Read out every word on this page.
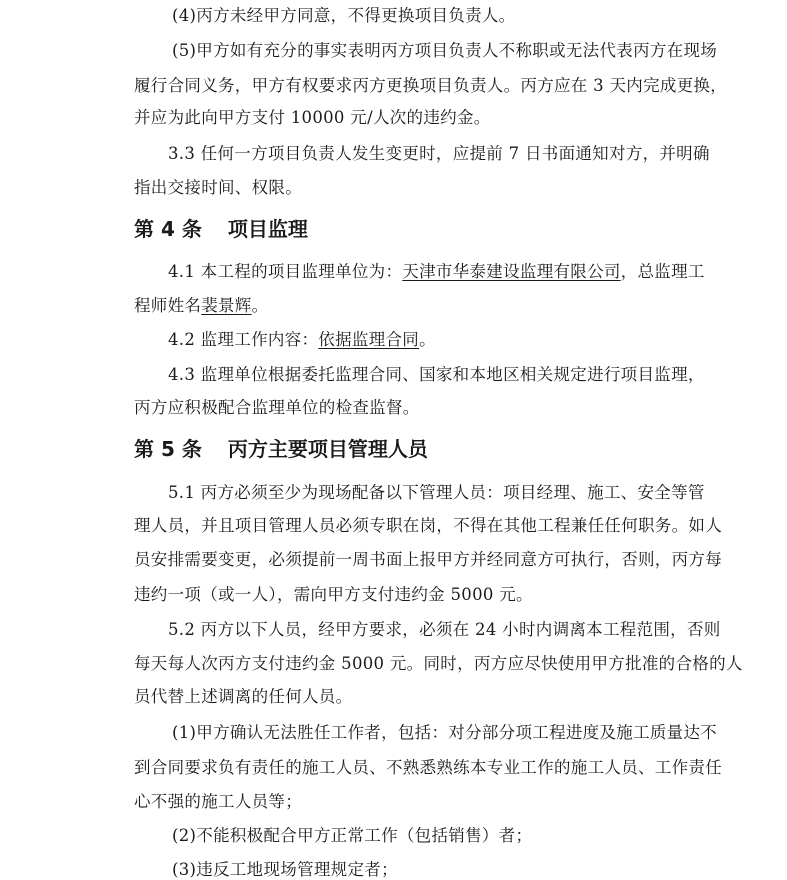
(4)丙方未经甲方同意，不得更换项目负责人。
(5)甲方如有充分的事实表明丙方项目负责人不称职或无法代表丙方在现场
履行合同义务，甲方有权要求丙方更换项目负责人。丙方应在 3 天内完成更换，
并应为此向甲方支付 10000 元/人次的违约金。
3.3 任何一方项目负责人发生变更时，应提前 7 日书面通知对方，并明确
指出交接时间、权限。
第 4 条 项目监理
4.1 本工程的项目监理单位为：天津市华泰建设监理有限公司，总监理工
程师姓名裴景辉。
4.2 监理工作内容：依据监理合同。
4.3 监理单位根据委托监理合同、国家和本地区相关规定进行项目监理，
丙方应积极配合监理单位的检查监督。
第 5 条 丙方主要项目管理人员
5.1 丙方必须至少为现场配备以下管理人员：项目经理、施工、安全等管
理人员，并且项目管理人员必须专职在岗，不得在其他工程兼任任何职务。如人
员安排需要变更，必须提前一周书面上报甲方并经同意方可执行，否则，丙方每
违约一项（或一人），需向甲方支付违约金 5000 元。
5.2 丙方以下人员，经甲方要求，必须在 24 小时内调离本工程范围，否则
每天每人次丙方支付违约金 5000 元。同时，丙方应尽快使用甲方批准的合格的人
员代替上述调离的任何人员。
(1)甲方确认无法胜任工作者，包括：对分部分项工程进度及施工质量达不
到合同要求负有责任的施工人员、不熟悉熟练本专业工作的施工人员、工作责任
心不强的施工人员等；
(2)不能积极配合甲方正常工作（包括销售）者；
(3)违反工地现场管理规定者；
